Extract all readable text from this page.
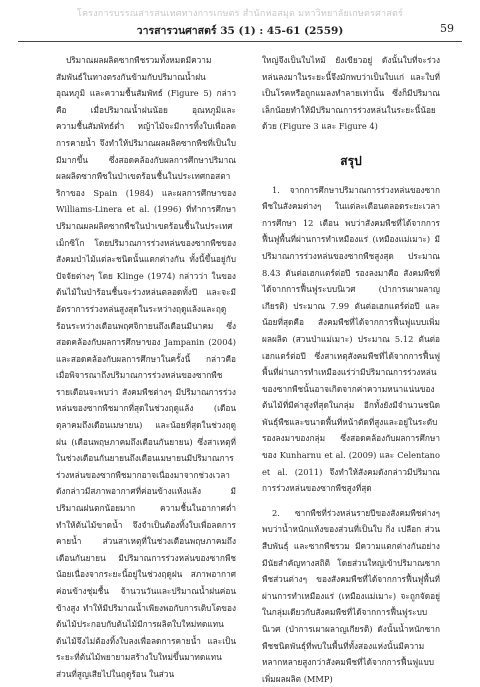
โครงการบรรณสารสนเทศทางการเกษตร สำนักหอสมุด มหาวิทยาลัยเกษตรศาสตร์
วารสารวนศาสตร์ 35 (1) : 45-61 (2559)	59

ปริมาณผลผลิตซากพืชรวมทั้งหมดมีความสัมพันธ์ในทางตรงกันข้ามกับปริมาณน้ำฝน อุณหภูมิ และความชื้นสัมพัทธ์ (Figure 5) กล่าวคือ เมื่อปริมาณน้ำฝนน้อย อุณหภูมิและความชื้นสัมพัทธ์ต่ำ หญ้าไม้จะมีการทิ้งใบเพื่อลดการคายน้ำ จึงทำให้ปริมาณผลผลิตซากพืชที่เป็นใบมีมากขึ้น ซึ่งสอดคล้องกับผลการศึกษาปริมาณผลผลิตซากพืชในป่าเขตร้อนชื้นในประเทศกอสตาริกาของ Spain (1984) และผลการศึกษาของ Williams-Linera et al. (1996) ที่ทำการศึกษาปริมาณผลผลิตซากพืชในป่าเขตร้อนชื้นในประเทศเม็กซิโก โดยปริมาณการร่วงหล่นของซากพืชของสังคมป่าไม้แต่ละชนิดนั้นแตกต่างกัน ทั้งนี้ขึ้นอยู่กับปัจจัยต่างๆ โดย Klinge (1974) กล่าวว่า ในของต้นไม้ในป่าร้อนชื้นจะร่วงหล่นตลอดทั้งปี และจะมีอัตราการร่วงหล่นสูงสุดในระหว่างฤดูแล้งและฤดูร้อนระหว่างเดือนพฤศจิกายนถึงเดือนมีนาคม ซึ่งสอดคล้องกับผลการศึกษาของ Jampanin (2004) และสอดคล้องกับผลการศึกษาในครั้งนี้ กล่าวคือเมื่อพิจารณาถึงปริมาณการร่วงหล่นของซากพืชรายเดือนจะพบว่า สังคมพืชต่างๆ มีปริมาณการร่วงหล่นของซากพืชมากที่สุดในช่วงฤดูแล้ง (เดือนตุลาคมถึงเดือนเมษายน) และน้อยที่สุดในช่วงฤดูฝน (เดือนพฤษภาคมถึงเดือนกันยายน) ซึ่งสาเหตุที่ในช่วงเดือนกันยายนถึงเดือนเมษายนมีปริมาณการร่วงหล่นของซากพืชมากอาจเนื่องมาจากช่วงเวลาดังกล่าวมีสภาพอากาศที่ค่อนข้างแห้งแล้ง มีปริมาณฝนตกน้อยมาก ความชื้นในอากาศต่ำ ทำให้ต้นไม้ขาดน้ำ จึงจำเป็นต้องทิ้งใบเพื่อลดการคายน้ำ ส่วนสาเหตุที่ในช่วงเดือนพฤษภาคมถึงเดือนกันยายน มีปริมาณการร่วงหล่นของซากพืชน้อยเนื่องจากระยะนี้อยู่ในช่วงฤดูฝน สภาพอากาศค่อนข้างชุ่มชื้น จ้านวนวันและปริมาณน้ำฝนค่อนข้างสูง ทำให้มีปริมาณน้ำเพียงพอกับการเติบโตของต้นไม้ประกอบกับต้นไม้มีการผลิตใบใหม่ทดแทน ต้นไม้จึงไม่ต้องทิ้งใบลงเพื่อลดการคายน้ำ และเป็นระยะที่ต้นไม้พยายามสร้างใบใหม่ขึ้นมาทดแทนส่วนที่สูญเสียไปในฤดูร้อน ในส่วน

ใหญ่จึงเป็นใบไหม้ ยังเขียวอยู่ ดังนั้นใบที่จะร่วงหล่นลงมาในระยะนี้จึงมักพบว่าเป็นใบแก่ และใบที่เป็นโรคหรือถูกแมลงทำลายเท่านั้น ซึ่งก็มีปริมาณเล็กน้อยทำให้มีปริมาณการร่วงหล่นในระยะนี้น้อยด้วย (Figure 3 และ Figure 4)

สรุป

1. จากการศึกษาปริมาณการร่วงหล่นของซากพืชในสังคมต่างๆ ในแต่ละเดือนตลอดระยะเวลาการศึกษา 12 เดือน พบว่าสังคมพืชที่ได้จากการฟื้นฟูพื้นที่ผ่านการทำเหมืองแร่ (เหมืองแม่เมาะ) มีปริมาณการร่วงหล่นของซากพืชสูงสุด ประมาณ 8.43 ตันต่อเฮกแตร์ต่อปี รองลงมาคือ สังคมพืชที่ได้จากการฟื้นฟูระบบนิเวศ (ป่าการเผาผลาญเกียรติ) ประมาณ 7.99 ตันต่อเฮกแตร์ต่อปี และน้อยที่สุดคือ สังคมพืชที่ได้จากการฟื้นฟูแบบเพิ่มผลผลิต (สวนป่าแม่เมาะ) ประมาณ 5.12 ตันต่อเฮกแตร์ต่อปี ซึ่งสาเหตุสังคมพืชที่ได้จากการฟื้นฟูพื้นที่ผ่านการทำเหมืองแร่ว่ามีปริมาณการร่วงหล่นของซากพืชนั้นอาจเกิดจากค่าความหนาแน่นของต้นไม้ที่มีค่าสูงที่สุดในกลุ่ม อีกทั้งยังมีจำนวนชนิดพันธุ์พืชและขนาดพื้นที่หน้าตัดที่สูงและอยู่ในระดับรองลงมาของกลุ่ม ซึ่งสอดคล้องกับผลการศึกษาของ Kunharnu et al. (2009) และ Celentano et al. (2011) จึงทำให้สังคมดังกล่าวมีปริมาณการร่วงหล่นของซากพืชสูงที่สุด

2. ซากพืชที่ร่วงหล่นรายปีของสังคมพืชต่างๆ พบว่าน้ำหนักแห้งของส่วนที่เป็นใบ กิ่ง เปลือก ส่วนสืบพันธุ์ และซากพืชรวม มีความแตกต่างกันอย่างมีนัยสำคัญทางสถิติ โดยส่วนใหญ่เข้าปริมาณซากพืชส่วนต่างๆ ของสังคมพืชที่ได้จากการฟื้นฟูพื้นที่ผ่านการทำเหมืองแร่ (เหมืองแม่เมาะ) จะถูกจัดอยู่ในกลุ่มเดียวกับสังคมพืชที่ได้จากการฟื้นฟูระบบนิเวศ (ป่าการเผาผลาญเกียรติ) ดังนั้นน้ำหนักซากพืชชนิดพันธุ์ที่พบในพื้นที่ทั้งสองแห่งนั้นมีความหลากหลายสูงกว่าสังคมพืชที่ได้จากการฟื้นฟูแบบเพิ่มผลผลิต (MMP)
